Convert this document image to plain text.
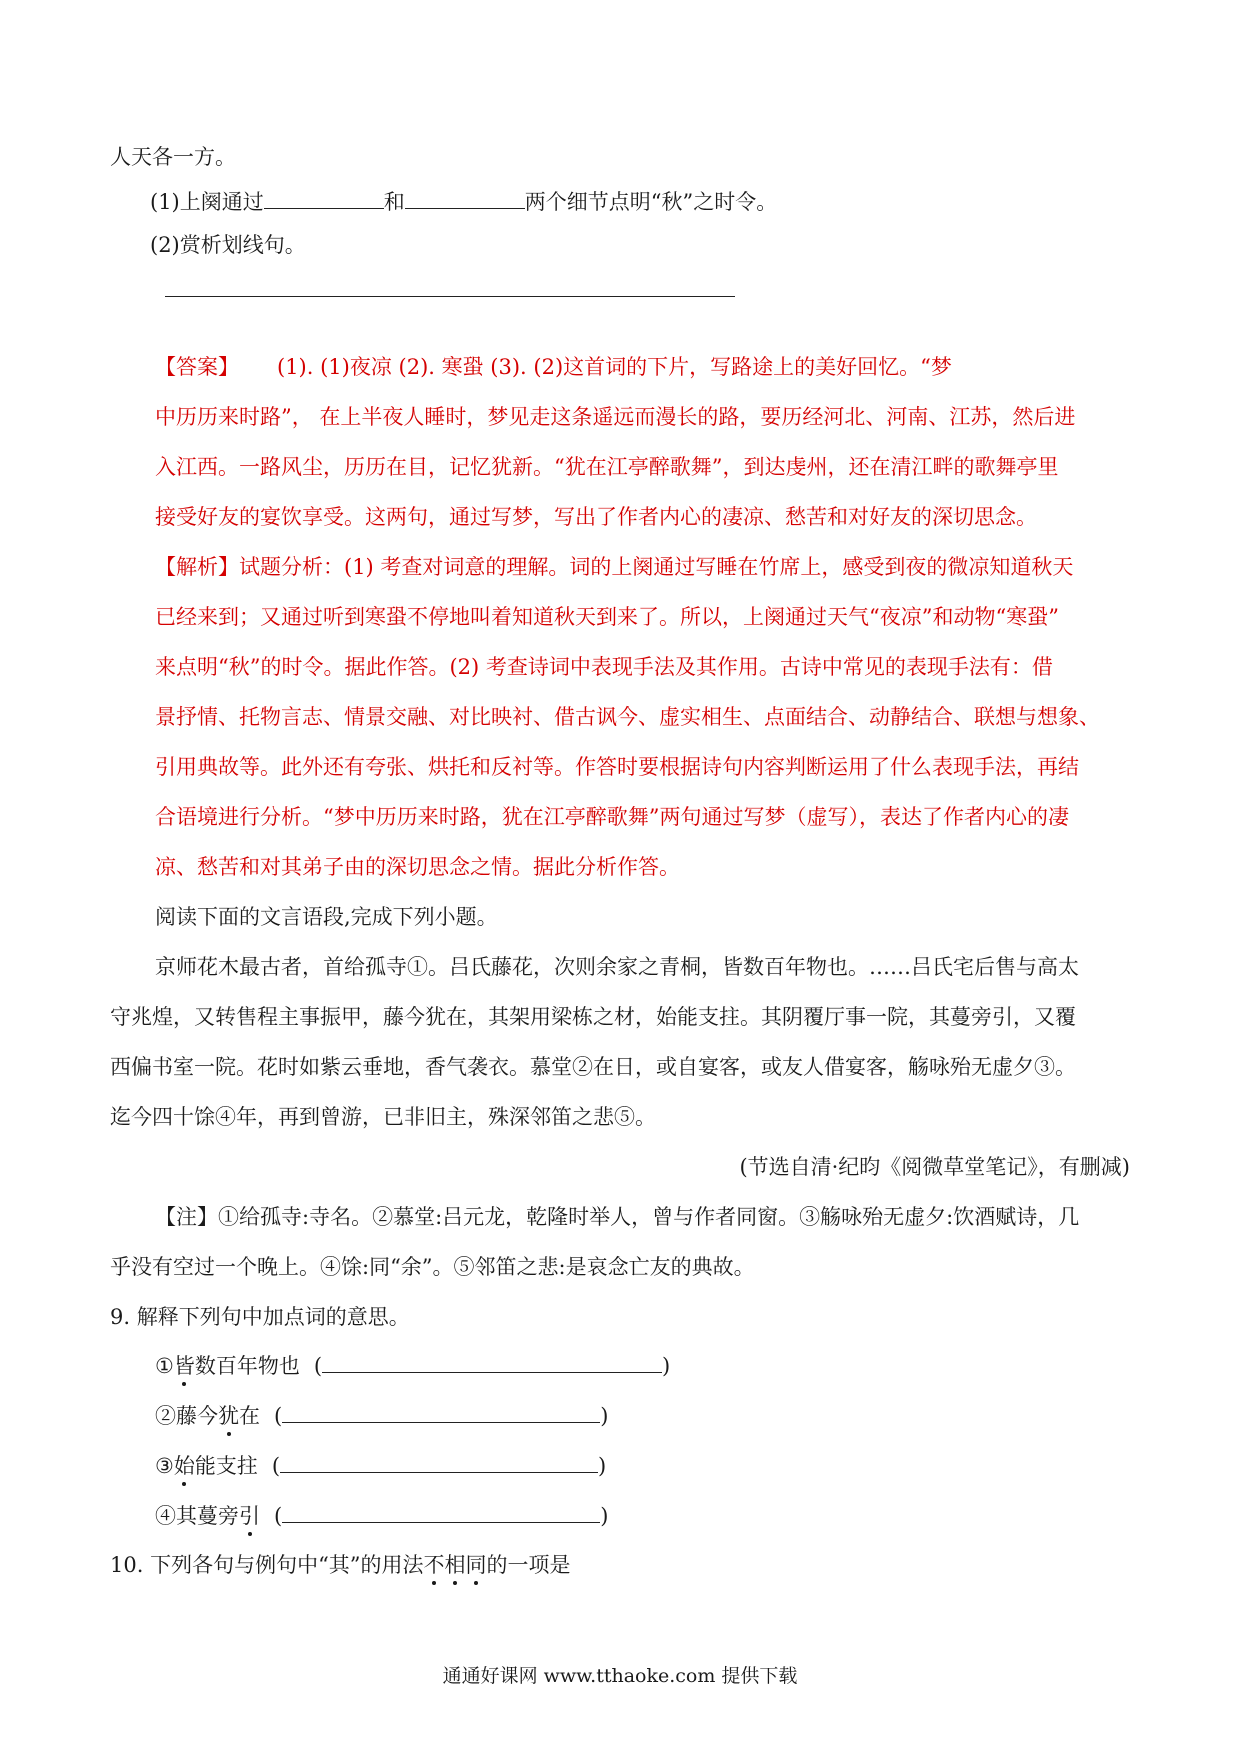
人天各一方。
(1)上阕通过	和	两个细节点明“秋”之时令。
(2)赏析划线句。
【答案】 (1). (1)夜凉 (2). 寒蛩 (3). (2)这首词的下片，写路途上的美好回忆。“梦
中历历来时路”， 在上半夜人睡时，梦见走这条遥远而漫长的路，要历经河北、河南、江苏，然后进
入江西。一路风尘，历历在目，记忆犹新。“犹在江亭醉歌舞”，到达虔州，还在清江畔的歌舞亭里
接受好友的宴饮享受。这两句，通过写梦，写出了作者内心的凄凉、愁苦和对好友的深切思念。
【解析】试题分析：(1) 考查对词意的理解。词的上阕通过写睡在竹席上，感受到夜的微凉知道秋天
已经来到；又通过听到寒蛩不停地叫着知道秋天到来了。所以，上阕通过天气“夜凉”和动物“寒蛩”
来点明“秋”的时令。据此作答。(2) 考查诗词中表现手法及其作用。古诗中常见的表现手法有：借
景抒情、托物言志、情景交融、对比映衬、借古讽今、虚实相生、点面结合、动静结合、联想与想象、
引用典故等。此外还有夸张、烘托和反衬等。作答时要根据诗句内容判断运用了什么表现手法，再结
合语境进行分析。“梦中历历来时路，犹在江亭醉歌舞”两句通过写梦（虚写），表达了作者内心的凄
凉、愁苦和对其弟子由的深切思念之情。据此分析作答。
阅读下面的文言语段,完成下列小题。
京师花木最古者，首给孤寺①。吕氏藤花，次则余家之青桐，皆数百年物也。……吕氏宅后售与高太
守兆煌，又转售程主事振甲，藤今犹在，其架用梁栋之材，始能支拄。其阴覆厅事一院，其蔓旁引，又覆
西偏书室一院。花时如紫云垂地，香气袭衣。慕堂②在日，或自宴客，或友人借宴客，觞咏殆无虚夕③。
迄今四十馀④年，再到曾游，已非旧主，殊深邻笛之悲⑤。
(节选自清·纪昀《阅微草堂笔记》，有删减)
【注】①给孤寺:寺名。②慕堂:吕元龙，乾隆时举人，曾与作者同窗。③觞咏殆无虚夕:饮酒赋诗，几
乎没有空过一个晚上。④馀:同“余”。⑤邻笛之悲:是哀念亡友的典故。
9. 解释下列句中加点词的意思。
①皆数百年物也 (	)
②藤今犹在 (	)
③始能支拄 (	)
④其蔓旁引 (	)
10. 下列各句与例句中“其”的用法不相同的一项是
通通好课网 www.tthaoke.com 提供下载
